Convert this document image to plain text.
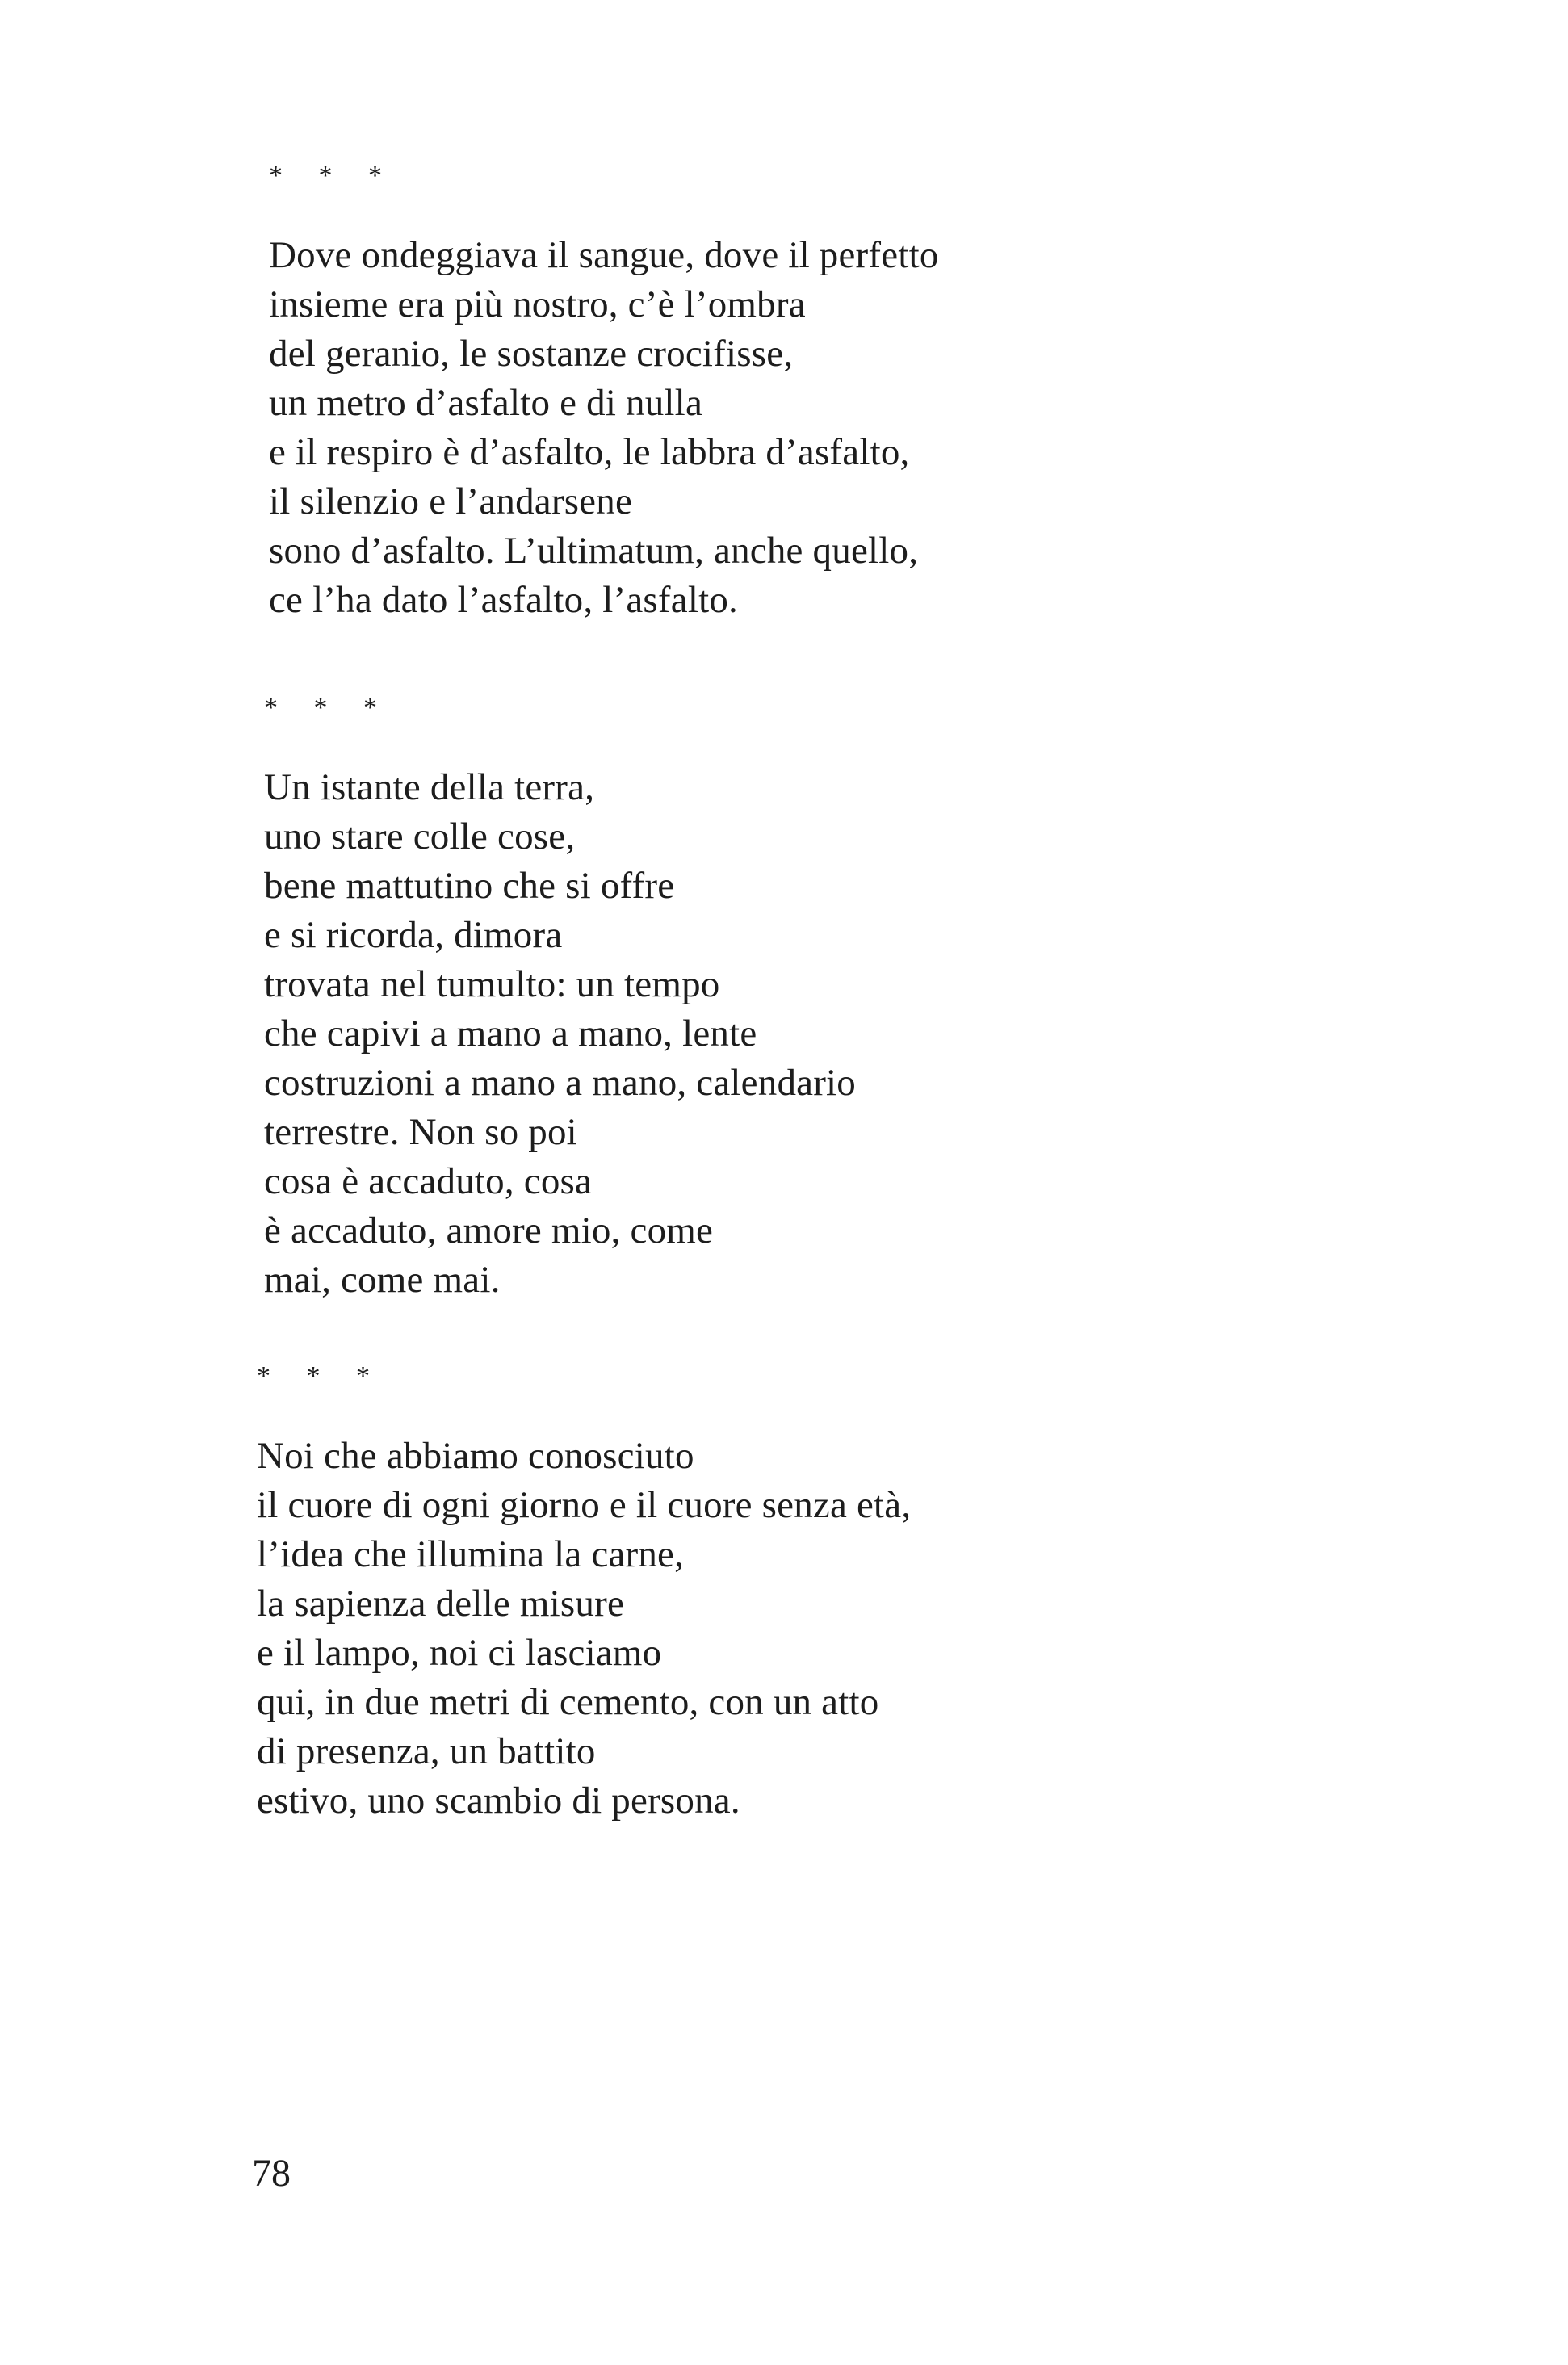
* * *
Dove ondeggiava il sangue, dove il perfetto
insieme era più nostro, c’è l’ombra
del geranio, le sostanze crocifisse,
un metro d’asfalto e di nulla
e il respiro è d’asfalto, le labbra d’asfalto,
il silenzio e l’andarsene
sono d’asfalto. L’ultimatum, anche quello,
ce l’ha dato l’asfalto, l’asfalto.
* * *
Un istante della terra,
uno stare colle cose,
bene mattutino che si offre
e si ricorda, dimora
trovata nel tumulto: un tempo
che capivi a mano a mano, lente
costruzioni a mano a mano, calendario
terrestre. Non so poi
cosa è accaduto, cosa
è accaduto, amore mio, come
mai, come mai.
* * *
Noi che abbiamo conosciuto
il cuore di ogni giorno e il cuore senza età,
l’idea che illumina la carne,
la sapienza delle misure
e il lampo, noi ci lasciamo
qui, in due metri di cemento, con un atto
di presenza, un battito
estivo, uno scambio di persona.
78
